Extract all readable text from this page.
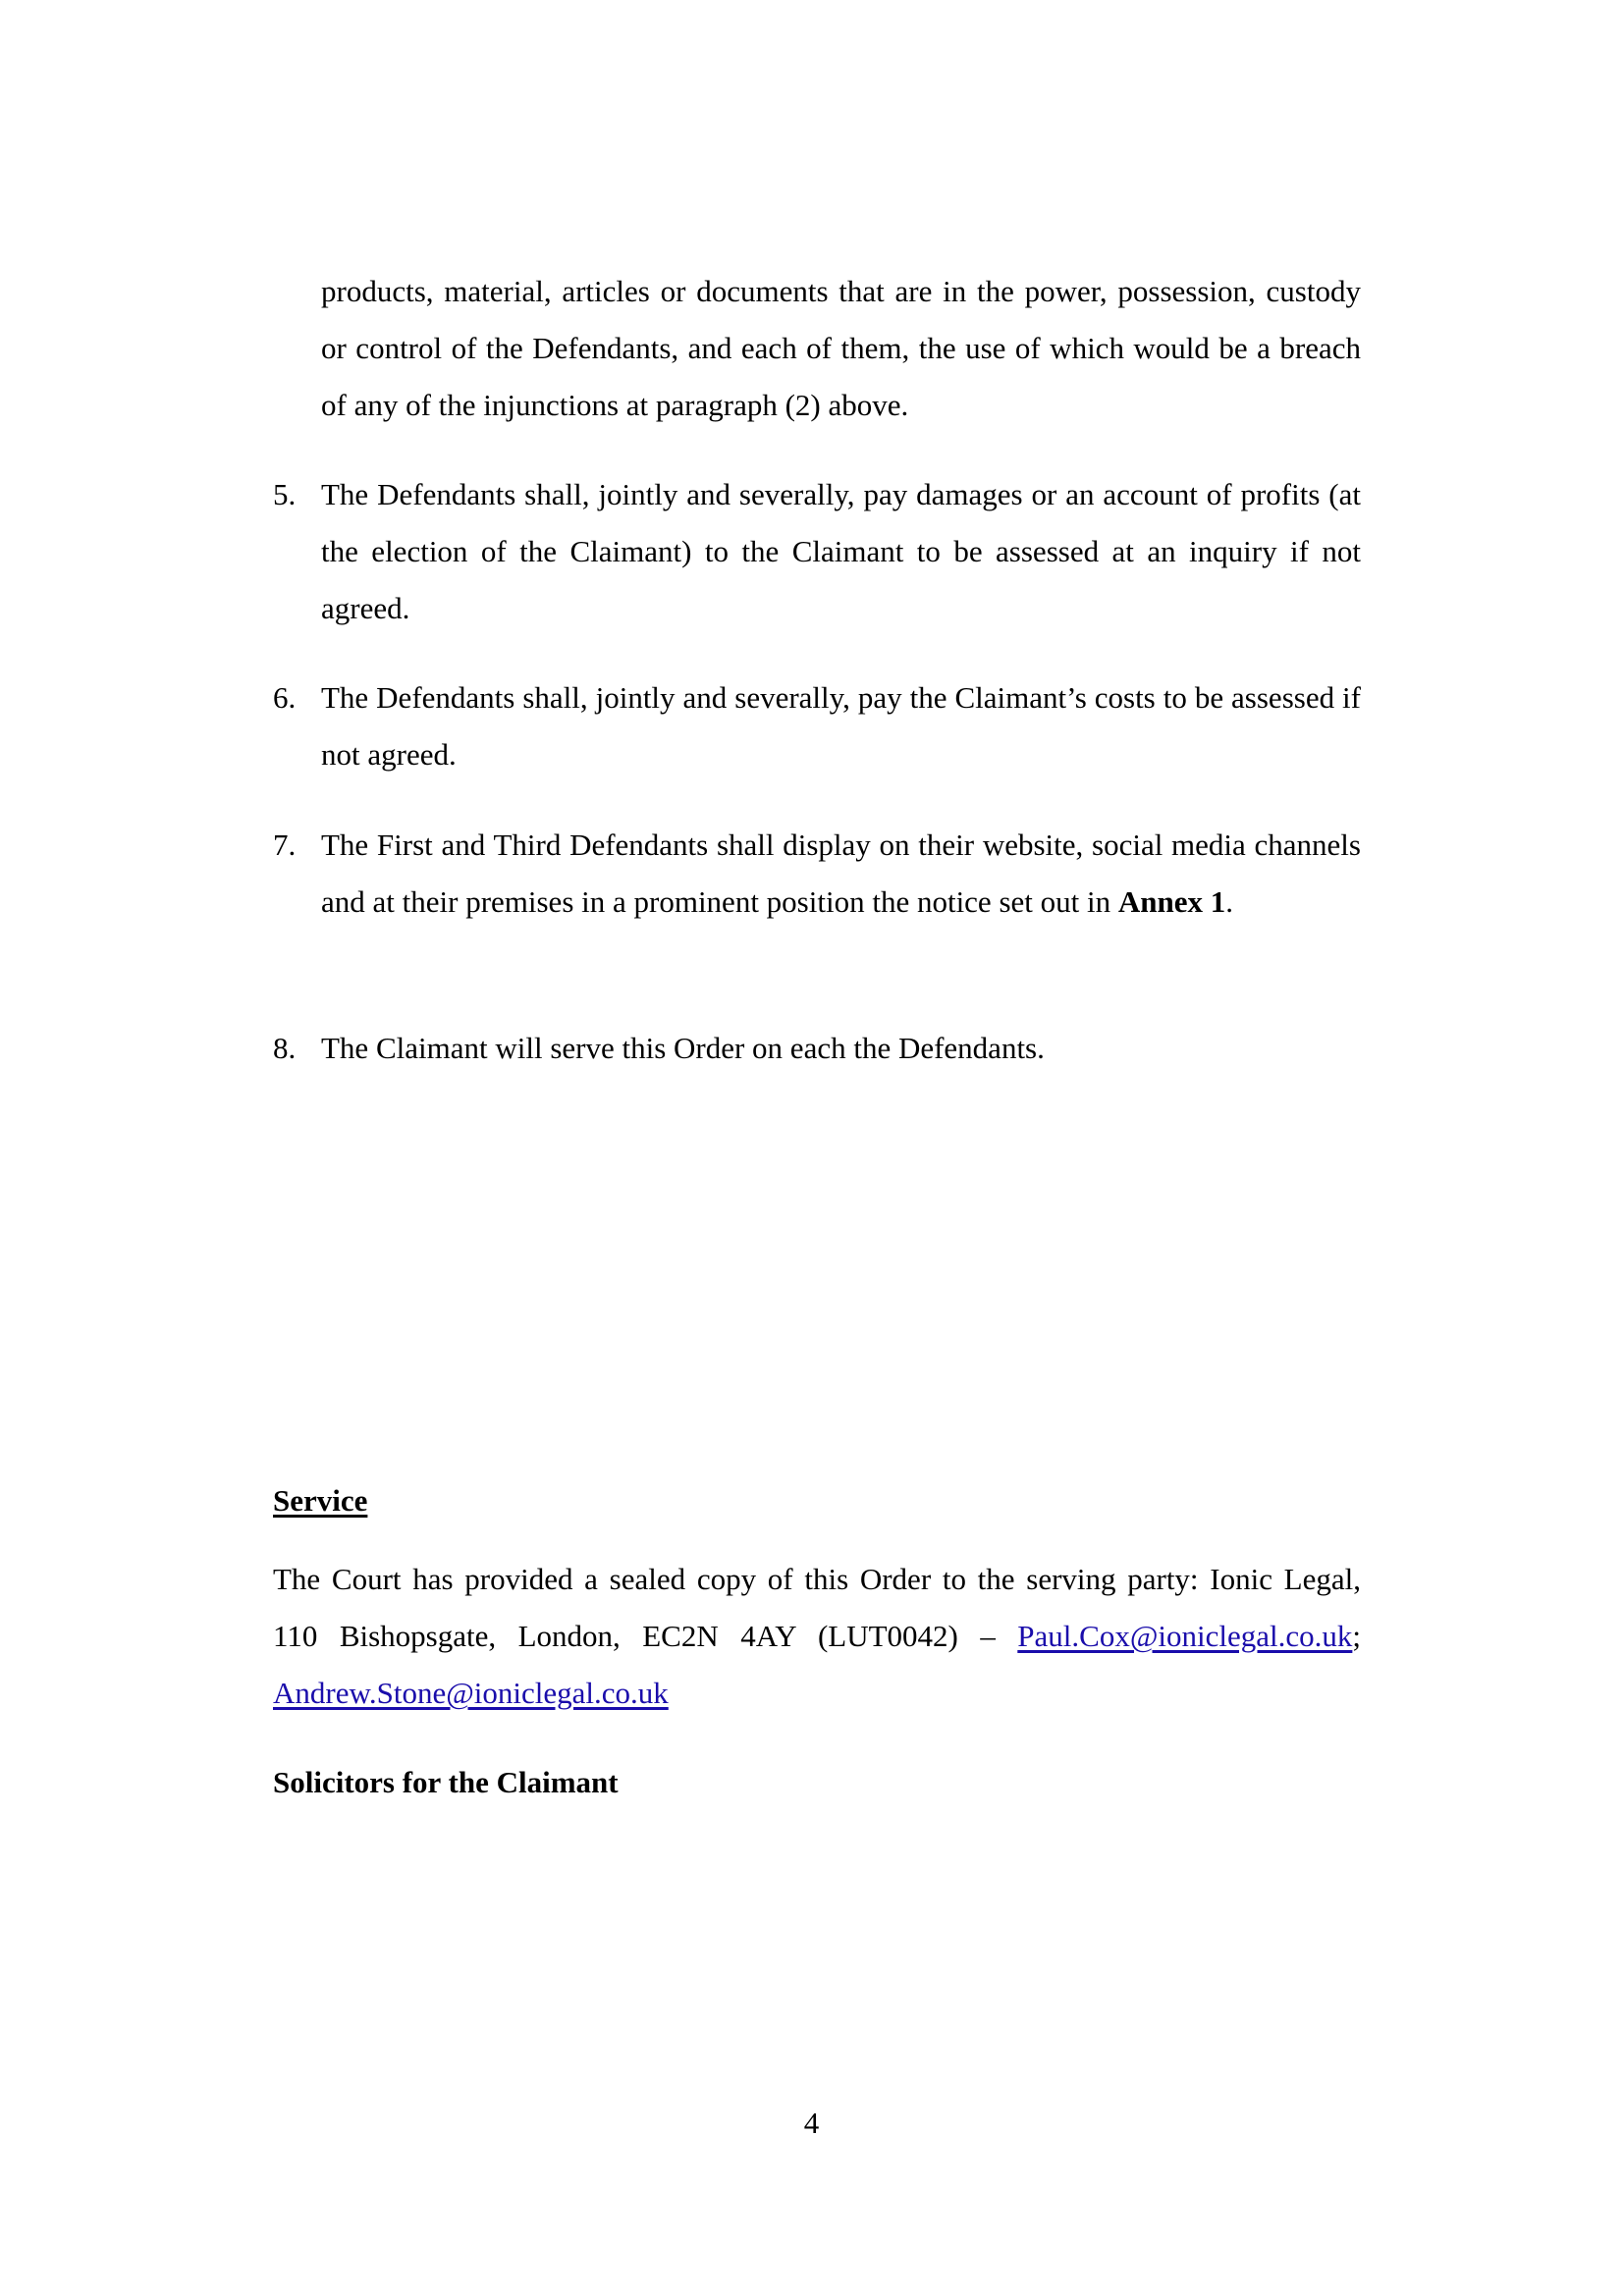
products, material, articles or documents that are in the power, possession, custody or control of the Defendants, and each of them, the use of which would be a breach of any of the injunctions at paragraph (2) above.
5. The Defendants shall, jointly and severally, pay damages or an account of profits (at the election of the Claimant) to the Claimant to be assessed at an inquiry if not agreed.
6. The Defendants shall, jointly and severally, pay the Claimant’s costs to be assessed if not agreed.
7. The First and Third Defendants shall display on their website, social media channels and at their premises in a prominent position the notice set out in Annex 1.
8. The Claimant will serve this Order on each the Defendants.
Service
The Court has provided a sealed copy of this Order to the serving party: Ionic Legal,
110 Bishopsgate, London, EC2N 4AY (LUT0042) – Paul.Cox@ioniclegal.co.uk;
Andrew.Stone@ioniclegal.co.uk
Solicitors for the Claimant
4
